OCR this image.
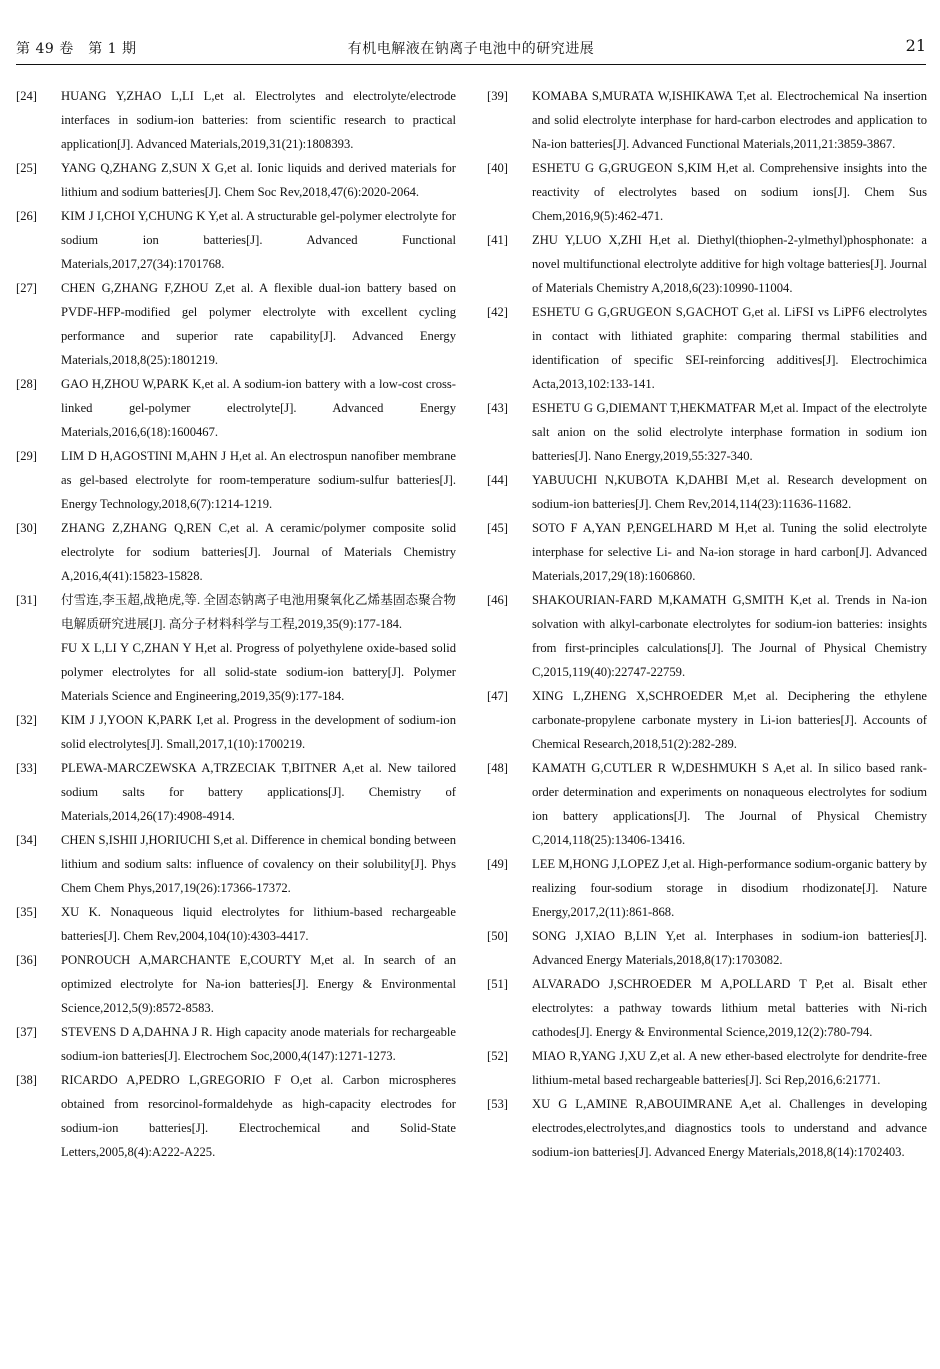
第 49 卷　第 1 期	有机电解液在钠离子电池中的研究进展	21
[24]	HUANG Y,ZHAO L,LI L,et al. Electrolytes and electrolyte/electrode interfaces in sodium-ion batteries: from scientific research to practical application[J]. Advanced Materials,2019,31(21):1808393.

[25]	YANG Q,ZHANG Z,SUN X G,et al. Ionic liquids and derived materials for lithium and sodium batteries[J]. Chem Soc Rev,2018,47(6):2020-2064.

[26]	KIM J I,CHOI Y,CHUNG K Y,et al. A structurable gel-polymer electrolyte for sodium ion batteries[J]. Advanced Functional Materials,2017,27(34):1701768.

[27]	CHEN G,ZHANG F,ZHOU Z,et al. A flexible dual-ion battery based on PVDF-HFP-modified gel polymer electrolyte with excellent cycling performance and superior rate capability[J]. Advanced Energy Materials,2018,8(25):1801219.

[28]	GAO H,ZHOU W,PARK K,et al. A sodium-ion battery with a low-cost cross-linked gel-polymer electrolyte[J]. Advanced Energy Materials,2016,6(18):1600467.

[29]	LIM D H,AGOSTINI M,AHN J H,et al. An electrospun nanofiber membrane as gel-based electrolyte for room-temperature sodium-sulfur batteries[J]. Energy Technology,2018,6(7):1214-1219.

[30]	ZHANG Z,ZHANG Q,REN C,et al. A ceramic/polymer composite solid electrolyte for sodium batteries[J]. Journal of Materials Chemistry A,2016,4(41):15823-15828.

[31]	付雪连,李玉超,战艳虎,等. 全固态钠离子电池用聚氧化乙烯基固态聚合物电解质研究进展[J]. 高分子材料科学与工程,2019,35(9):177-184.

FU X L,LI Y C,ZHAN Y H,et al. Progress of polyethylene oxide-based solid polymer electrolytes for all solid-state sodium-ion battery[J]. Polymer Materials Science and Engineering,2019,35(9):177-184.

[32]	KIM J J,YOON K,PARK I,et al. Progress in the development of sodium-ion solid electrolytes[J]. Small,2017,1(10):1700219.

[33]	PLEWA-MARCZEWSKA A,TRZECIAK T,BITNER A,et al. New tailored sodium salts for battery applications[J]. Chemistry of Materials,2014,26(17):4908-4914.

[34]	CHEN S,ISHII J,HORIUCHI S,et al. Difference in chemical bonding between lithium and sodium salts: influence of covalency on their solubility[J]. Phys Chem Chem Phys,2017,19(26):17366-17372.

[35]	XU K. Nonaqueous liquid electrolytes for lithium-based rechargeable batteries[J]. Chem Rev,2004,104(10):4303-4417.

[36]	PONROUCH A,MARCHANTE E,COURTY M,et al. In search of an optimized electrolyte for Na-ion batteries[J]. Energy & Environmental Science,2012,5(9):8572-8583.

[37]	STEVENS D A,DAHNA J R. High capacity anode materials for rechargeable sodium-ion batteries[J]. Electrochem Soc,2000,4(147):1271-1273.

[38]	RICARDO A,PEDRO L,GREGORIO F O,et al. Carbon microspheres obtained from resorcinol-formaldehyde as high-capacity electrodes for sodium-ion batteries[J]. Electrochemical and Solid-State Letters,2005,8(4):A222-A225.

[39]	KOMABA S,MURATA W,ISHIKAWA T,et al. Electrochemical Na insertion and solid electrolyte interphase for hard-carbon electrodes and application to Na-ion batteries[J]. Advanced Functional Materials,2011,21:3859-3867.

[40]	ESHETU G G,GRUGEON S,KIM H,et al. Comprehensive insights into the reactivity of electrolytes based on sodium ions[J]. Chem Sus Chem,2016,9(5):462-471.

[41]	ZHU Y,LUO X,ZHI H,et al. Diethyl(thiophen-2-ylmethyl)phosphonate: a novel multifunctional electrolyte additive for high voltage batteries[J]. Journal of Materials Chemistry A,2018,6(23):10990-11004.

[42]	ESHETU G G,GRUGEON S,GACHOT G,et al. LiFSI vs LiPF6 electrolytes in contact with lithiated graphite: comparing thermal stabilities and identification of specific SEI-reinforcing additives[J]. Electrochimica Acta,2013,102:133-141.

[43]	ESHETU G G,DIEMANT T,HEKMATFAR M,et al. Impact of the electrolyte salt anion on the solid electrolyte interphase formation in sodium ion batteries[J]. Nano Energy,2019,55:327-340.

[44]	YABUUCHI N,KUBOTA K,DAHBI M,et al. Research development on sodium-ion batteries[J]. Chem Rev,2014,114(23):11636-11682.

[45]	SOTO F A,YAN P,ENGELHARD M H,et al. Tuning the solid electrolyte interphase for selective Li- and Na-ion storage in hard carbon[J]. Advanced Materials,2017,29(18):1606860.

[46]	SHAKOURIAN-FARD M,KAMATH G,SMITH K,et al. Trends in Na-ion solvation with alkyl-carbonate electrolytes for sodium-ion batteries: insights from first-principles calculations[J]. The Journal of Physical Chemistry C,2015,119(40):22747-22759.

[47]	XING L,ZHENG X,SCHROEDER M,et al. Deciphering the ethylene carbonate-propylene carbonate mystery in Li-ion batteries[J]. Accounts of Chemical Research,2018,51(2):282-289.

[48]	KAMATH G,CUTLER R W,DESHMUKH S A,et al. In silico based rank-order determination and experiments on nonaqueous electrolytes for sodium ion battery applications[J]. The Journal of Physical Chemistry C,2014,118(25):13406-13416.

[49]	LEE M,HONG J,LOPEZ J,et al. High-performance sodium-organic battery by realizing four-sodium storage in disodium rhodizonate[J]. Nature Energy,2017,2(11):861-868.

[50]	SONG J,XIAO B,LIN Y,et al. Interphases in sodium-ion batteries[J]. Advanced Energy Materials,2018,8(17):1703082.

[51]	ALVARADO J,SCHROEDER M A,POLLARD T P,et al. Bisalt ether electrolytes: a pathway towards lithium metal batteries with Ni-rich cathodes[J]. Energy & Environmental Science,2019,12(2):780-794.

[52]	MIAO R,YANG J,XU Z,et al. A new ether-based electrolyte for dendrite-free lithium-metal based rechargeable batteries[J]. Sci Rep,2016,6:21771.

[53]	XU G L,AMINE R,ABOUIMRANE A,et al. Challenges in developing electrodes,electrolytes,and diagnostics tools to understand and advance sodium-ion batteries[J]. Advanced Energy Materials,2018,8(14):1702403.
